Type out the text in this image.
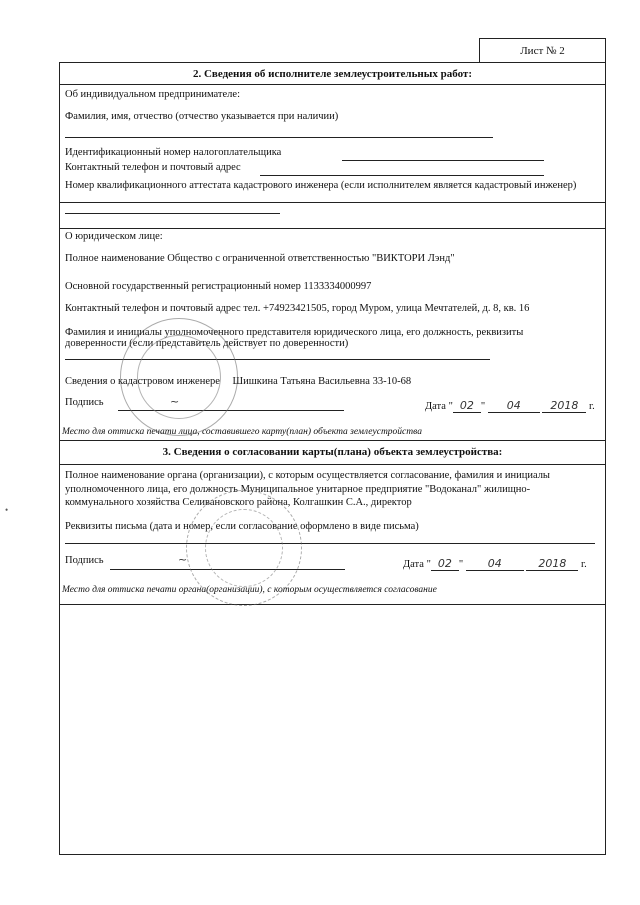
Лист № 2
2. Сведения об исполнителе землеустроительных работ:
Об индивидуальном предпринимателе:
Фамилия, имя, отчество (отчество указывается при наличии)
Идентификационный номер налогоплательщика
Контактный телефон и почтовый адрес
Номер квалификационного аттестата кадастрового инженера (если исполнителем является кадастровый инженер)
О юридическом лице:
Полное наименование Общество с ограниченной ответственностью "ВИКТОРИ Лэнд"
Основной государственный регистрационный номер 1133334000997
Контактный телефон и почтовый адрес тел. +74923421505, город Муром, улица Мечтателей, д. 8, кв. 16
Фамилия и инициалы уполномоченного представителя юридического лица, его должность, реквизиты доверенности (если представитель действует по доверенности)
Сведения о кадастровом инженере Шишкина Татьяна Васильевна 33-10-68
Подпись	~	Дата " 02 " 04	2018 г.
Место для оттиска печати лица, составившего карту(план) объекта землеустройства
3. Сведения о согласовании карты(плана) объекта землеустройства:
Полное наименование органа (организации), с которым осуществляется согласование, фамилия и инициалы уполномоченного лица, его должность Муниципальное унитарное предприятие "Водоканал" жилищно-коммунального хозяйства Селивановского района, Колгашкин С.А., директор
Реквизиты письма (дата и номер, если согласование оформлено в виде письма)
Подпись	~	Дата " 02 " 04	2018 г.
Место для оттиска печати органа(организации), с которым осуществляется согласование
•
